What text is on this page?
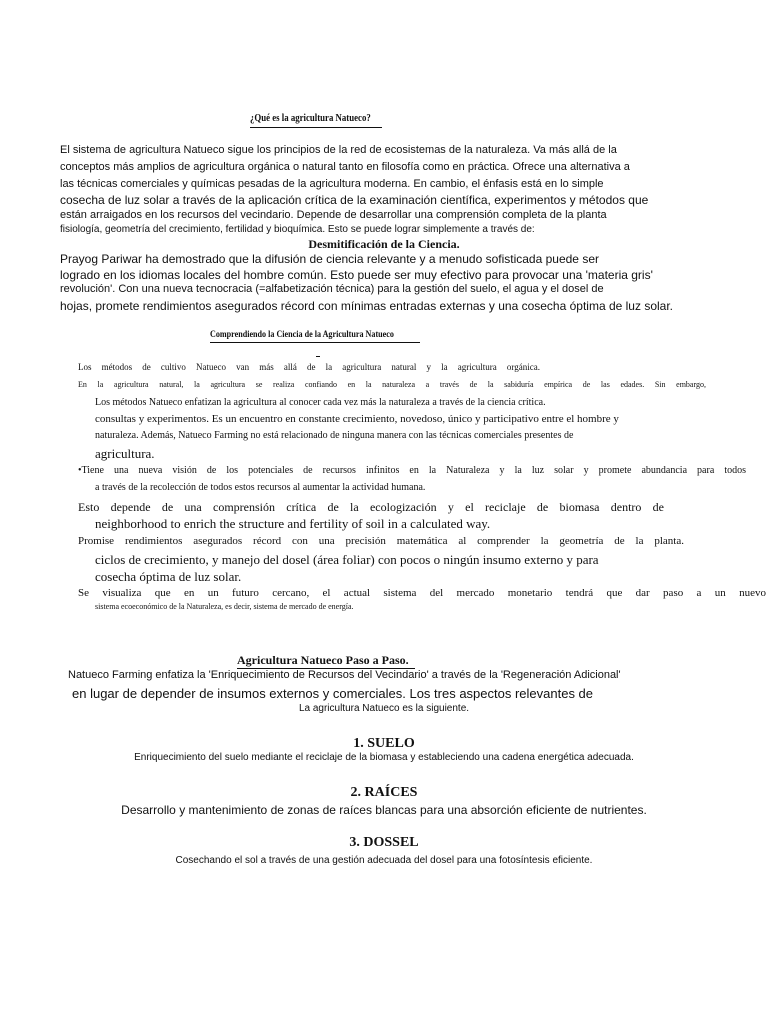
¿Qué es la agricultura Natueco?
El sistema de agricultura Natueco sigue los principios de la red de ecosistemas de la naturaleza. Va más allá de la
conceptos más amplios de agricultura orgánica o natural tanto en filosofía como en práctica. Ofrece una alternativa a
las técnicas comerciales y químicas pesadas de la agricultura moderna. En cambio, el énfasis está en lo simple
cosecha de luz solar a través de la aplicación crítica de la examinación científica, experimentos y métodos que
están arraigados en los recursos del vecindario. Depende de desarrollar una comprensión completa de la planta
fisiología, geometría del crecimiento, fertilidad y bioquímica. Esto se puede lograr simplemente a través de:
Desmitificación de la Ciencia.
Prayog Pariwar ha demostrado que la difusión de ciencia relevante y a menudo sofisticada puede ser
logrado en los idiomas locales del hombre común. Esto puede ser muy efectivo para provocar una 'materia gris'
revolución'. Con una nueva tecnocracia (=alfabetización técnica) para la gestión del suelo, el agua y el dosel de
hojas, promete rendimientos asegurados récord con mínimas entradas externas y una cosecha óptima de luz solar.
Comprendiendo la Ciencia de la Agricultura Natueco
Los métodos de cultivo Natueco van más allá de la agricultura natural y la agricultura orgánica.
En la agricultura natural, la agricultura se realiza confiando en la naturaleza a través de la sabiduría empírica de las edades. Sin embargo,
Los métodos Natueco enfatizan la agricultura al conocer cada vez más la naturaleza a través de la ciencia crítica.
consultas y experimentos. Es un encuentro en constante crecimiento, novedoso, único y participativo entre el hombre y
naturaleza. Además, Natueco Farming no está relacionado de ninguna manera con las técnicas comerciales presentes de
agricultura.
•Tiene una nueva visión de los potenciales de recursos infinitos en la Naturaleza y la luz solar y promete abundancia para todos
a través de la recolección de todos estos recursos al aumentar la actividad humana.
Esto depende de una comprensión crítica de la ecologización y el reciclaje de biomasa dentro de
neighborhood to enrich the structure and fertility of soil in a calculated way.
Promise rendimientos asegurados récord con una precisión matemática al comprender la geometría de la planta.
ciclos de crecimiento, y manejo del dosel (área foliar) con pocos o ningún insumo externo y para
cosecha óptima de luz solar.
Se visualiza que en un futuro cercano, el actual sistema del mercado monetario tendrá que dar paso a un nuevo
sistema ecoeconómico de la Naturaleza, es decir, sistema de mercado de energía.
Agricultura Natueco Paso a Paso.
Natueco Farming enfatiza la 'Enriquecimiento de Recursos del Vecindario' a través de la 'Regeneración Adicional'
en lugar de depender de insumos externos y comerciales. Los tres aspectos relevantes de
La agricultura Natueco es la siguiente.
1. SUELO
Enriquecimiento del suelo mediante el reciclaje de la biomasa y estableciendo una cadena energética adecuada.
2. RAÍCES
Desarrollo y mantenimiento de zonas de raíces blancas para una absorción eficiente de nutrientes.
3. DOSSEL
Cosechando el sol a través de una gestión adecuada del dosel para una fotosíntesis eficiente.
